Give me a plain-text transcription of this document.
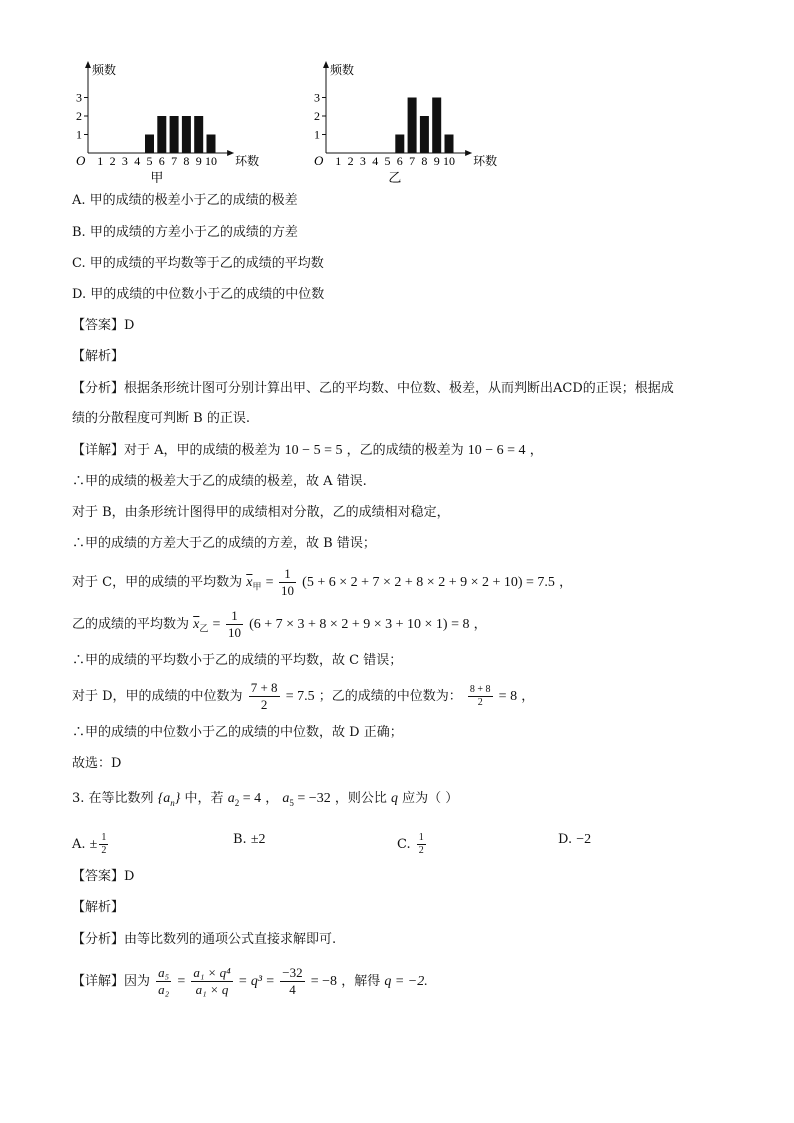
频数
环数
O
1
2
3
1 2 3 4 5 6 7 8 9 10
甲
频数
环数
O
1
2
3
1 2 3 4 5 6 7 8 9 10
乙
A. 甲的成绩的极差小于乙的成绩的极差
B. 甲的成绩的方差小于乙的成绩的方差
C. 甲的成绩的平均数等于乙的成绩的平均数
D. 甲的成绩的中位数小于乙的成绩的中位数
【答案】D
【解析】
【分析】根据条形统计图可分别计算出甲、乙的平均数、中位数、极差，从而判断出ACD的正误；根据成
绩的分散程度可判断 B 的正误.
【详解】对于 A，甲的成绩的极差为 10 − 5 = 5 ，乙的成绩的极差为 10 − 6 = 4 ，
∴甲的成绩的极差大于乙的成绩的极差，故 A 错误.
对于 B，由条形统计图得甲的成绩相对分散，乙的成绩相对稳定，
∴甲的成绩的方差大于乙的成绩的方差，故 B 错误；
对于 C，甲的成绩的平均数为 $\overline{x}_甲 = \frac{1}{10} (5 + 6 \times 2 + 7 \times 2 + 8 \times 2 + 9 \times 2 + 10) = 7.5$ ，
乙的成绩的平均数为 $\overline{x}_乙 = \frac{1}{10} (6 + 7 \times 3 + 8 \times 2 + 9 \times 3 + 10 \times 1) = 8$ ，
∴甲的成绩的平均数小于乙的成绩的平均数，故 C 错误；
对于 D，甲的成绩的中位数为 $\frac{7 + 8}{2} = 7.5$ ；乙的成绩的中位数为： $\frac{8 + 8}{2} = 8$ ，
∴甲的成绩的中位数小于乙的成绩的中位数，故 D 正确；
故选：D
3. 在等比数列 $\{a_n\}$ 中，若 $a_2 = 4$ ， $a_5 = -32$ ，则公比 q 应为（ ）
A. ± $\frac{1}{2}$	B. ±2	C. $\frac{1}{2}$	D. −2
【答案】D
【解析】
【分析】由等比数列的通项公式直接求解即可.
【详解】因为 $\frac{\text{a₅}}{\text{a₂}} = \frac{\text{a₁ × q⁴}}{\text{a₁ × q}} = q^3 = \frac{-32}{4} = -8$ ，解得 q = −2.
